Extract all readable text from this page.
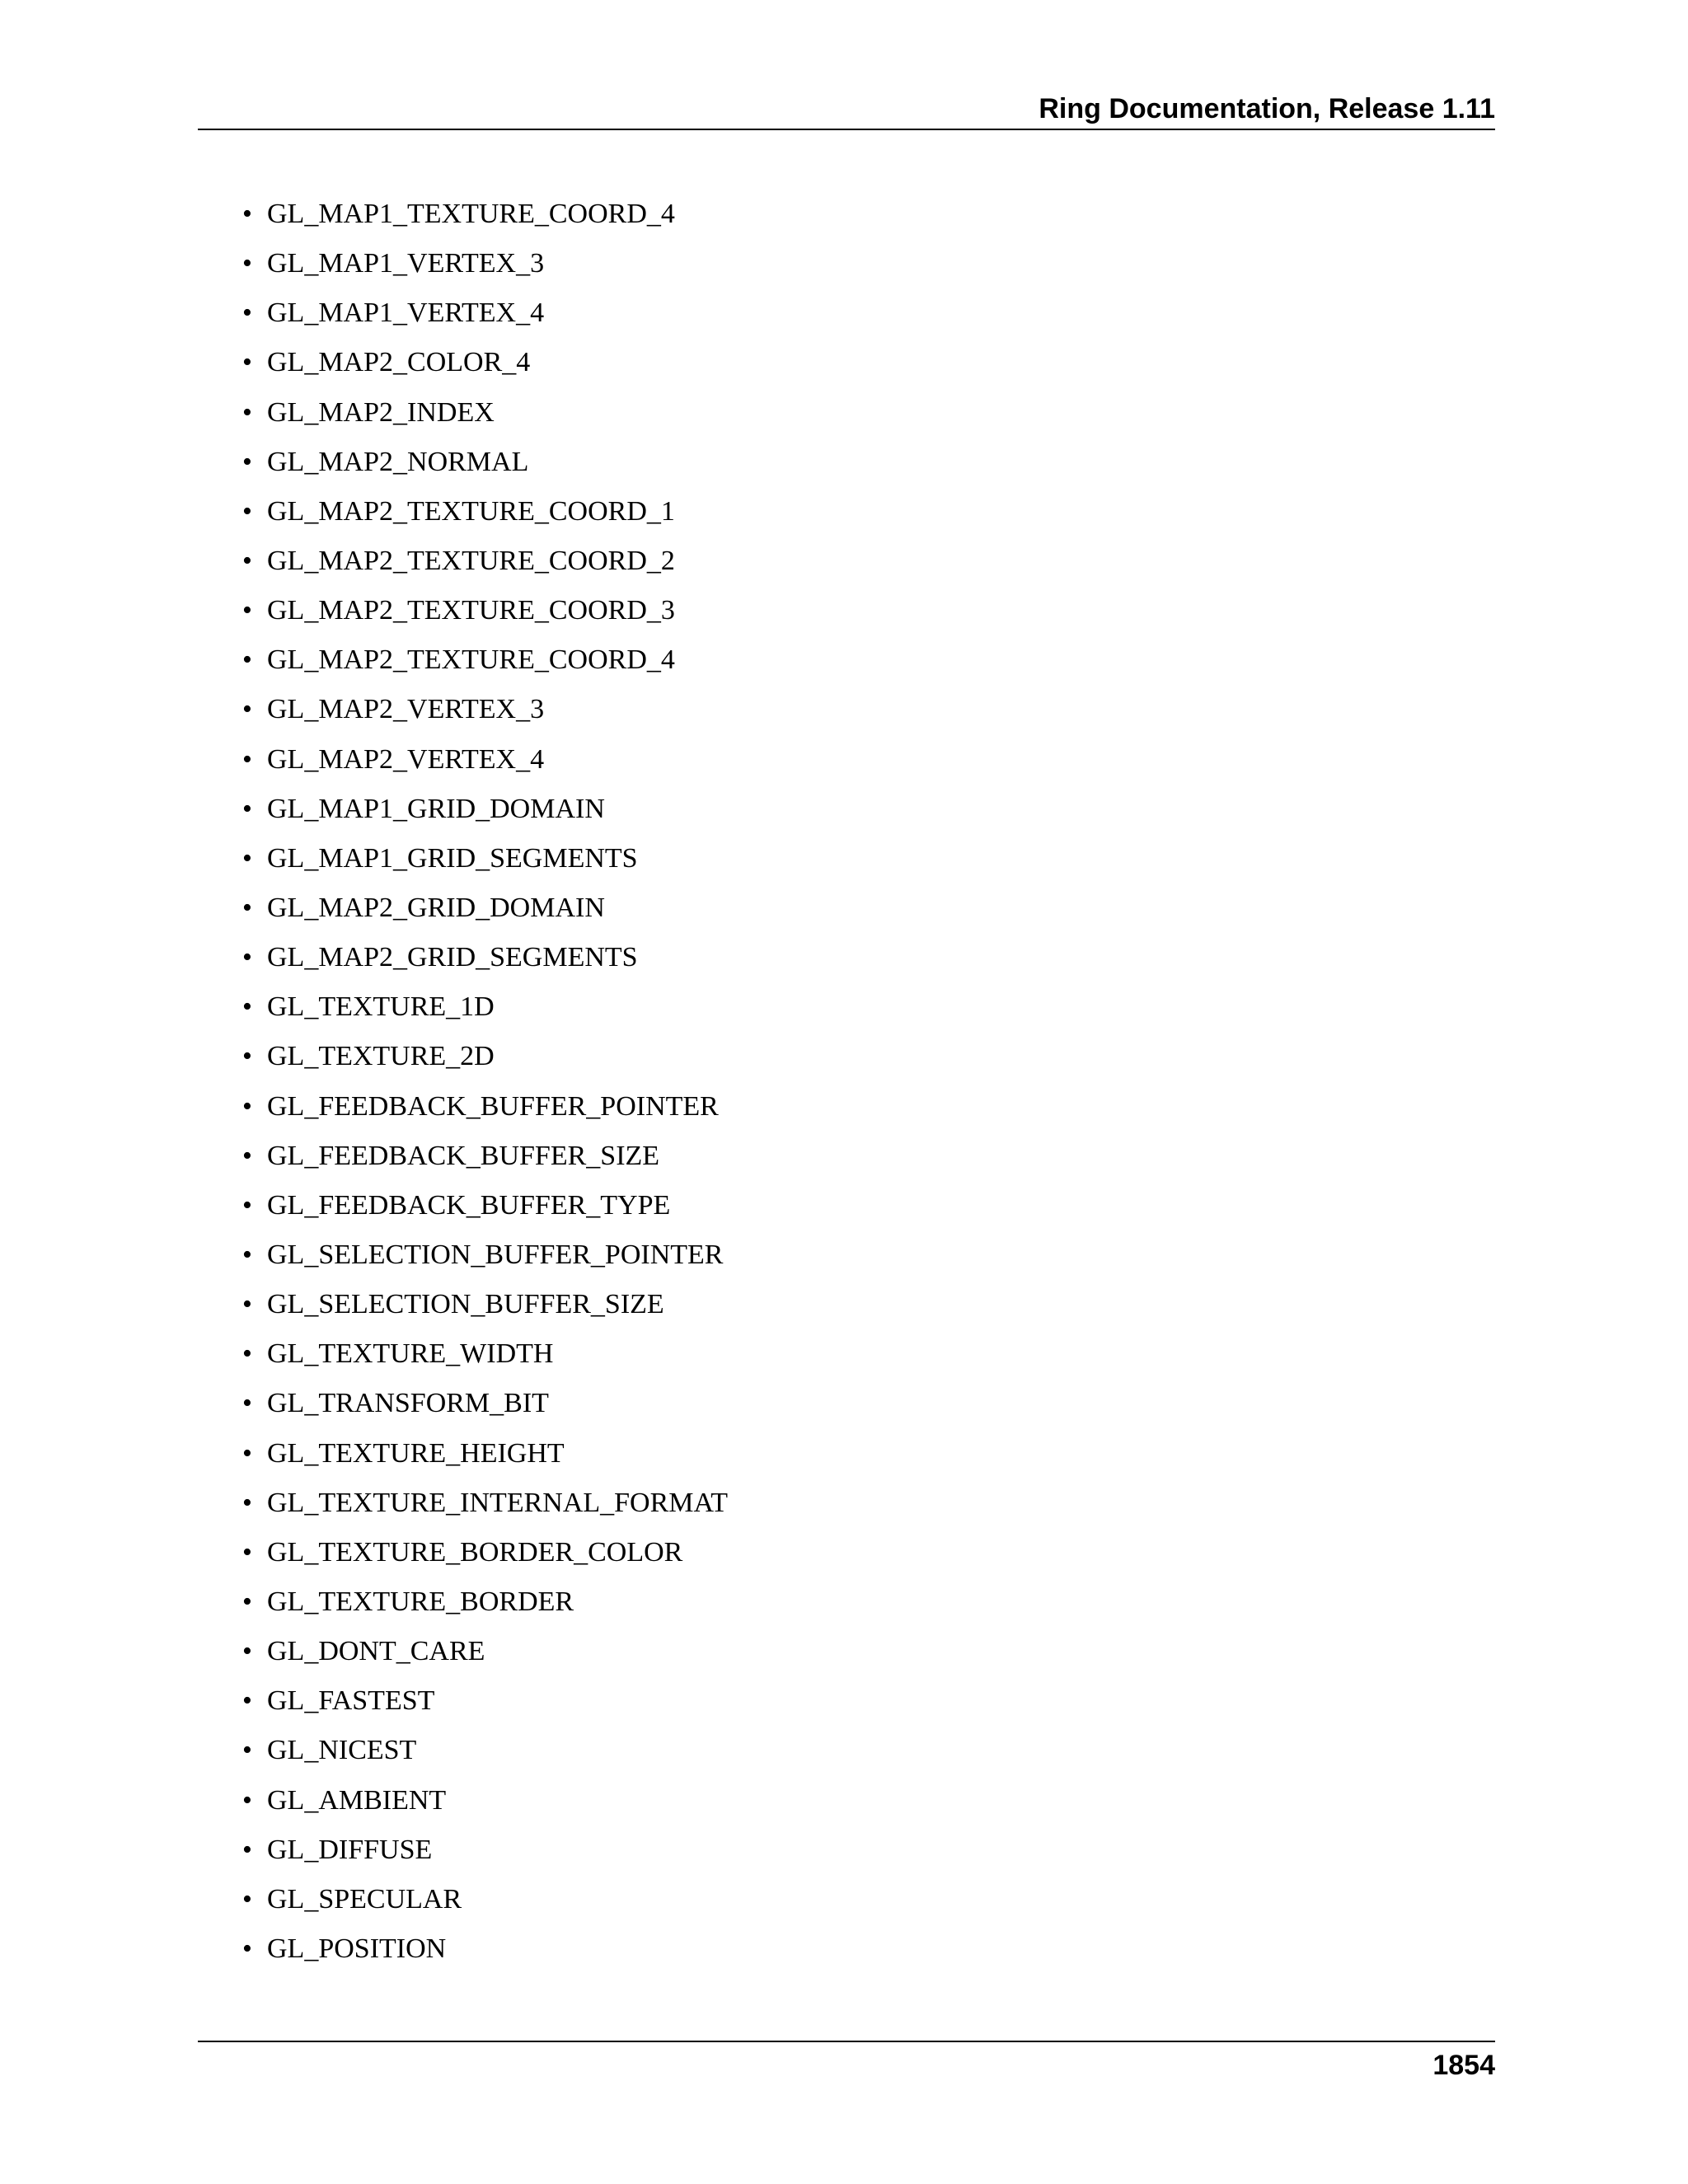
Ring Documentation, Release 1.11
• GL_MAP1_TEXTURE_COORD_4
• GL_MAP1_VERTEX_3
• GL_MAP1_VERTEX_4
• GL_MAP2_COLOR_4
• GL_MAP2_INDEX
• GL_MAP2_NORMAL
• GL_MAP2_TEXTURE_COORD_1
• GL_MAP2_TEXTURE_COORD_2
• GL_MAP2_TEXTURE_COORD_3
• GL_MAP2_TEXTURE_COORD_4
• GL_MAP2_VERTEX_3
• GL_MAP2_VERTEX_4
• GL_MAP1_GRID_DOMAIN
• GL_MAP1_GRID_SEGMENTS
• GL_MAP2_GRID_DOMAIN
• GL_MAP2_GRID_SEGMENTS
• GL_TEXTURE_1D
• GL_TEXTURE_2D
• GL_FEEDBACK_BUFFER_POINTER
• GL_FEEDBACK_BUFFER_SIZE
• GL_FEEDBACK_BUFFER_TYPE
• GL_SELECTION_BUFFER_POINTER
• GL_SELECTION_BUFFER_SIZE
• GL_TEXTURE_WIDTH
• GL_TRANSFORM_BIT
• GL_TEXTURE_HEIGHT
• GL_TEXTURE_INTERNAL_FORMAT
• GL_TEXTURE_BORDER_COLOR
• GL_TEXTURE_BORDER
• GL_DONT_CARE
• GL_FASTEST
• GL_NICEST
• GL_AMBIENT
• GL_DIFFUSE
• GL_SPECULAR
• GL_POSITION
1854
